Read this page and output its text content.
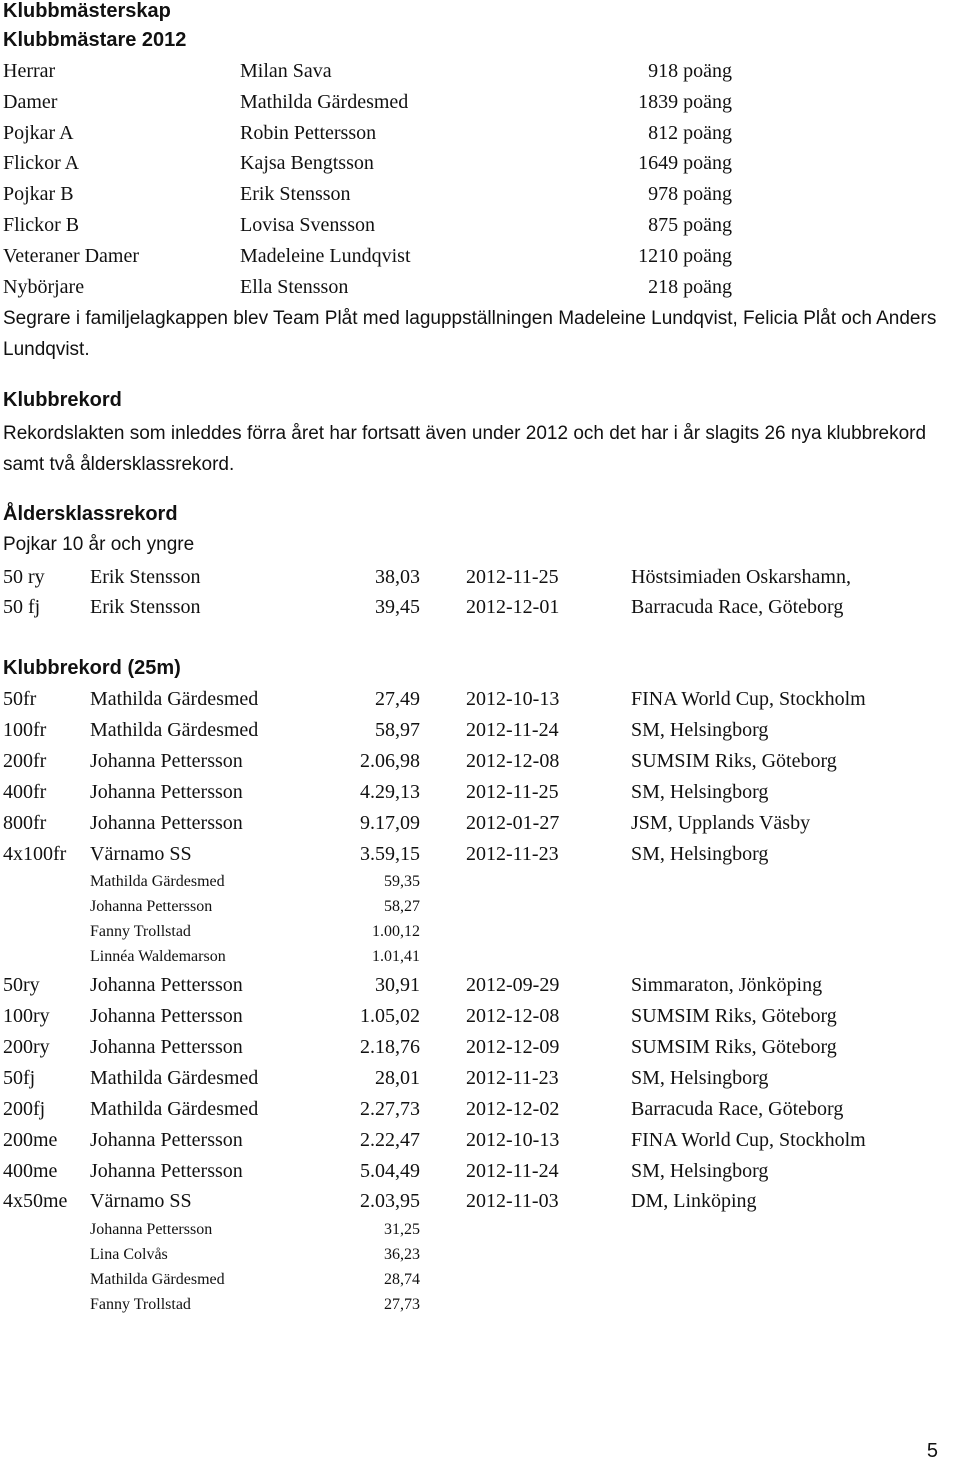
Klubbmästerskap
Klubbmästare 2012
Herrar	Milan Sava	918 poäng
Damer	Mathilda Gärdesmed	1839 poäng
Pojkar A	Robin Pettersson	812 poäng
Flickor A	Kajsa Bengtsson	1649 poäng
Pojkar B	Erik Stensson	978 poäng
Flickor B	Lovisa Svensson	875 poäng
Veteraner Damer	Madeleine Lundqvist	1210 poäng
Nybörjare	Ella Stensson	218 poäng
Segrare i familjelagkappen blev Team Plåt med laguppställningen Madeleine Lundqvist, Felicia Plåt och Anders Lundqvist.
Klubbrekord
Rekordslakten som inleddes förra året har fortsatt även under 2012 och det har i år slagits 26 nya klubbrekord samt två åldersklassrekord.
Åldersklassrekord
Pojkar 10 år och yngre
50 ry Erik Stensson	38,03 2012-11-25	Höstsimiaden Oskarshamn,
50 fj Erik Stensson	39,45 2012-12-01	Barracuda Race, Göteborg
Klubbrekord (25m)
50fr	Mathilda Gärdesmed	27,49 2012-10-13	FINA World Cup, Stockholm
100fr Mathilda Gärdesmed	58,97 2012-11-24	SM, Helsingborg
200fr Johanna Pettersson	2.06,98 2012-12-08	SUMSIM Riks, Göteborg
400fr Johanna Pettersson	4.29,13 2012-11-25	SM, Helsingborg
800fr Johanna Pettersson	9.17,09 2012-01-27	JSM, Upplands Väsby
4x100fr Värnamo SS	3.59,15 2012-11-23	SM, Helsingborg
Mathilda Gärdesmed	59,35
Johanna Pettersson	58,27
Fanny Trollstad	1.00,12
Linnéa Waldemarson	1.01,41
50ry	Johanna Pettersson	30,91 2012-09-29	Simmaraton, Jönköping
100ry Johanna Pettersson	1.05,02 2012-12-08	SUMSIM Riks, Göteborg
200ry Johanna Pettersson	2.18,76 2012-12-09	SUMSIM Riks, Göteborg
50fj	Mathilda Gärdesmed	28,01 2012-11-23	SM, Helsingborg
200fj Mathilda Gärdesmed	2.27,73 2012-12-02	Barracuda Race, Göteborg
200me Johanna Pettersson	2.22,47 2012-10-13	FINA World Cup, Stockholm
400me Johanna Pettersson	5.04,49 2012-11-24	SM, Helsingborg
4x50me Värnamo SS	2.03,95 2012-11-03	DM, Linköping
Johanna Pettersson	31,25
Lina Colvås	36,23
Mathilda Gärdesmed	28,74
Fanny Trollstad	27,73
5
